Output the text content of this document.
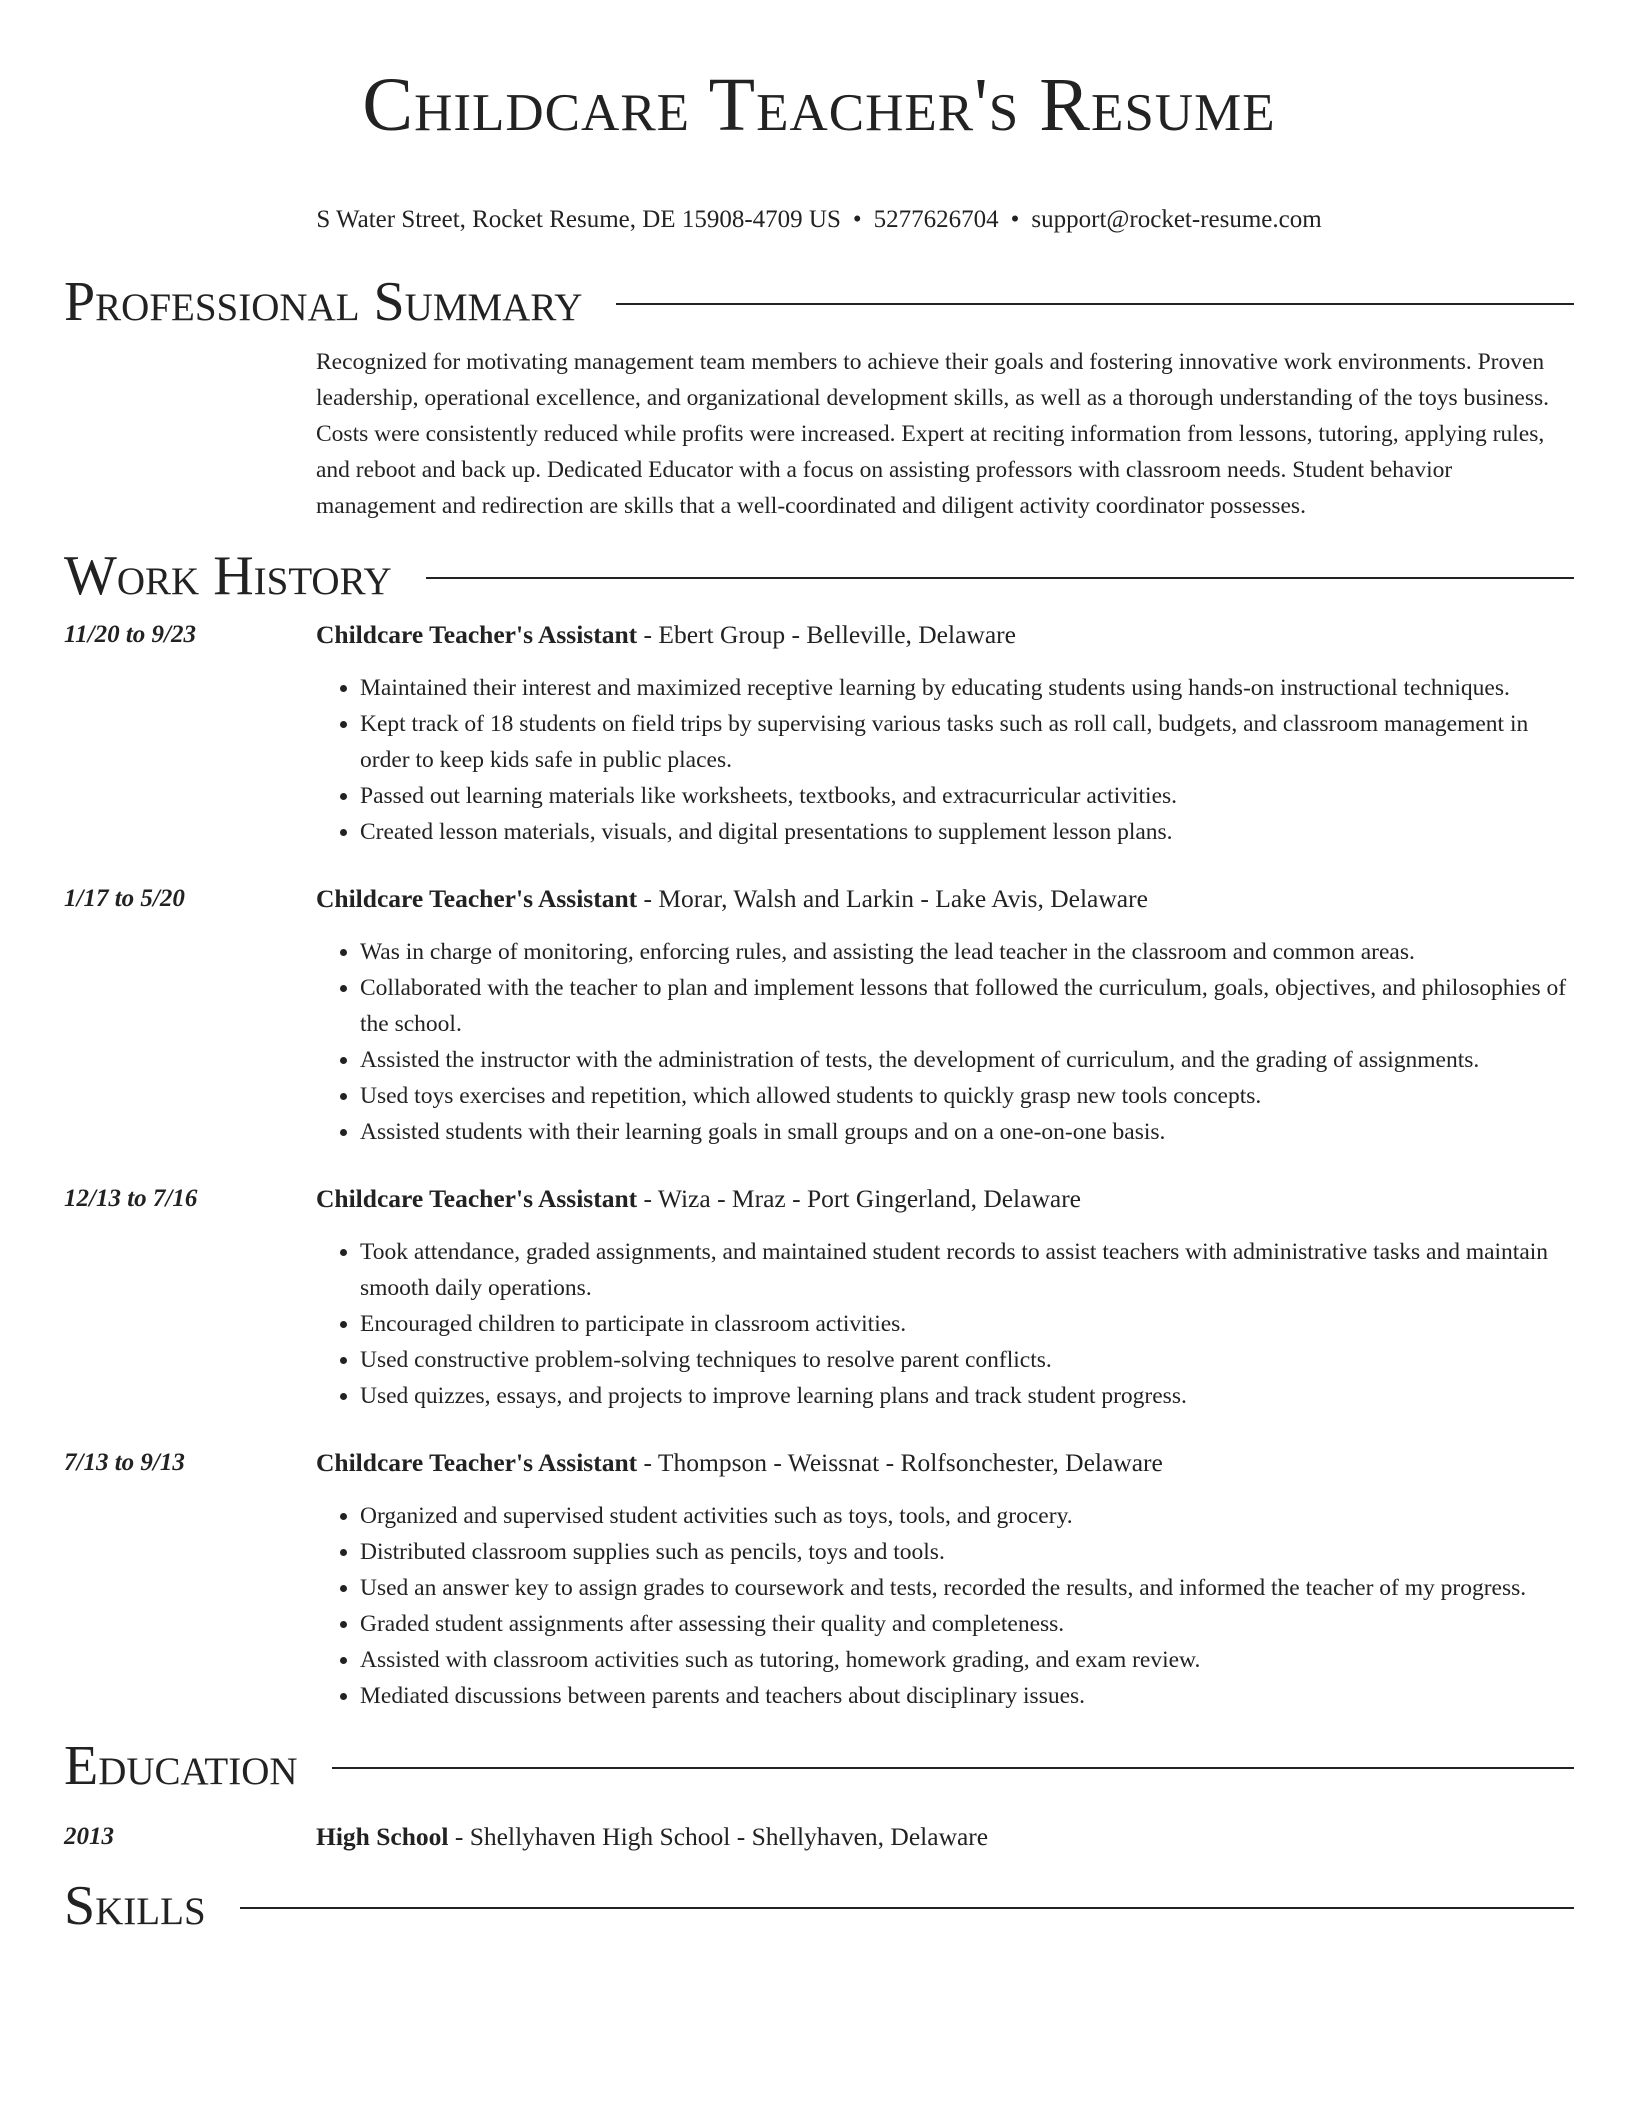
Childcare Teacher's Resume
S Water Street, Rocket Resume, DE 15908-4709 US • 5277626704 • support@rocket-resume.com
Professional Summary
Recognized for motivating management team members to achieve their goals and fostering innovative work environments. Proven leadership, operational excellence, and organizational development skills, as well as a thorough understanding of the toys business. Costs were consistently reduced while profits were increased. Expert at reciting information from lessons, tutoring, applying rules, and reboot and back up. Dedicated Educator with a focus on assisting professors with classroom needs. Student behavior management and redirection are skills that a well-coordinated and diligent activity coordinator possesses.
Work History
11/20 to 9/23	Childcare Teacher's Assistant - Ebert Group - Belleville, Delaware
• Maintained their interest and maximized receptive learning by educating students using hands-on instructional techniques.
• Kept track of 18 students on field trips by supervising various tasks such as roll call, budgets, and classroom management in order to keep kids safe in public places.
• Passed out learning materials like worksheets, textbooks, and extracurricular activities.
• Created lesson materials, visuals, and digital presentations to supplement lesson plans.
1/17 to 5/20	Childcare Teacher's Assistant - Morar, Walsh and Larkin - Lake Avis, Delaware
• Was in charge of monitoring, enforcing rules, and assisting the lead teacher in the classroom and common areas.
• Collaborated with the teacher to plan and implement lessons that followed the curriculum, goals, objectives, and philosophies of the school.
• Assisted the instructor with the administration of tests, the development of curriculum, and the grading of assignments.
• Used toys exercises and repetition, which allowed students to quickly grasp new tools concepts.
• Assisted students with their learning goals in small groups and on a one-on-one basis.
12/13 to 7/16	Childcare Teacher's Assistant - Wiza - Mraz - Port Gingerland, Delaware
• Took attendance, graded assignments, and maintained student records to assist teachers with administrative tasks and maintain smooth daily operations.
• Encouraged children to participate in classroom activities.
• Used constructive problem-solving techniques to resolve parent conflicts.
• Used quizzes, essays, and projects to improve learning plans and track student progress.
7/13 to 9/13	Childcare Teacher's Assistant - Thompson - Weissnat - Rolfsonchester, Delaware
• Organized and supervised student activities such as toys, tools, and grocery.
• Distributed classroom supplies such as pencils, toys and tools.
• Used an answer key to assign grades to coursework and tests, recorded the results, and informed the teacher of my progress.
• Graded student assignments after assessing their quality and completeness.
• Assisted with classroom activities such as tutoring, homework grading, and exam review.
• Mediated discussions between parents and teachers about disciplinary issues.
Education
2013	High School - Shellyhaven High School - Shellyhaven, Delaware
Skills
